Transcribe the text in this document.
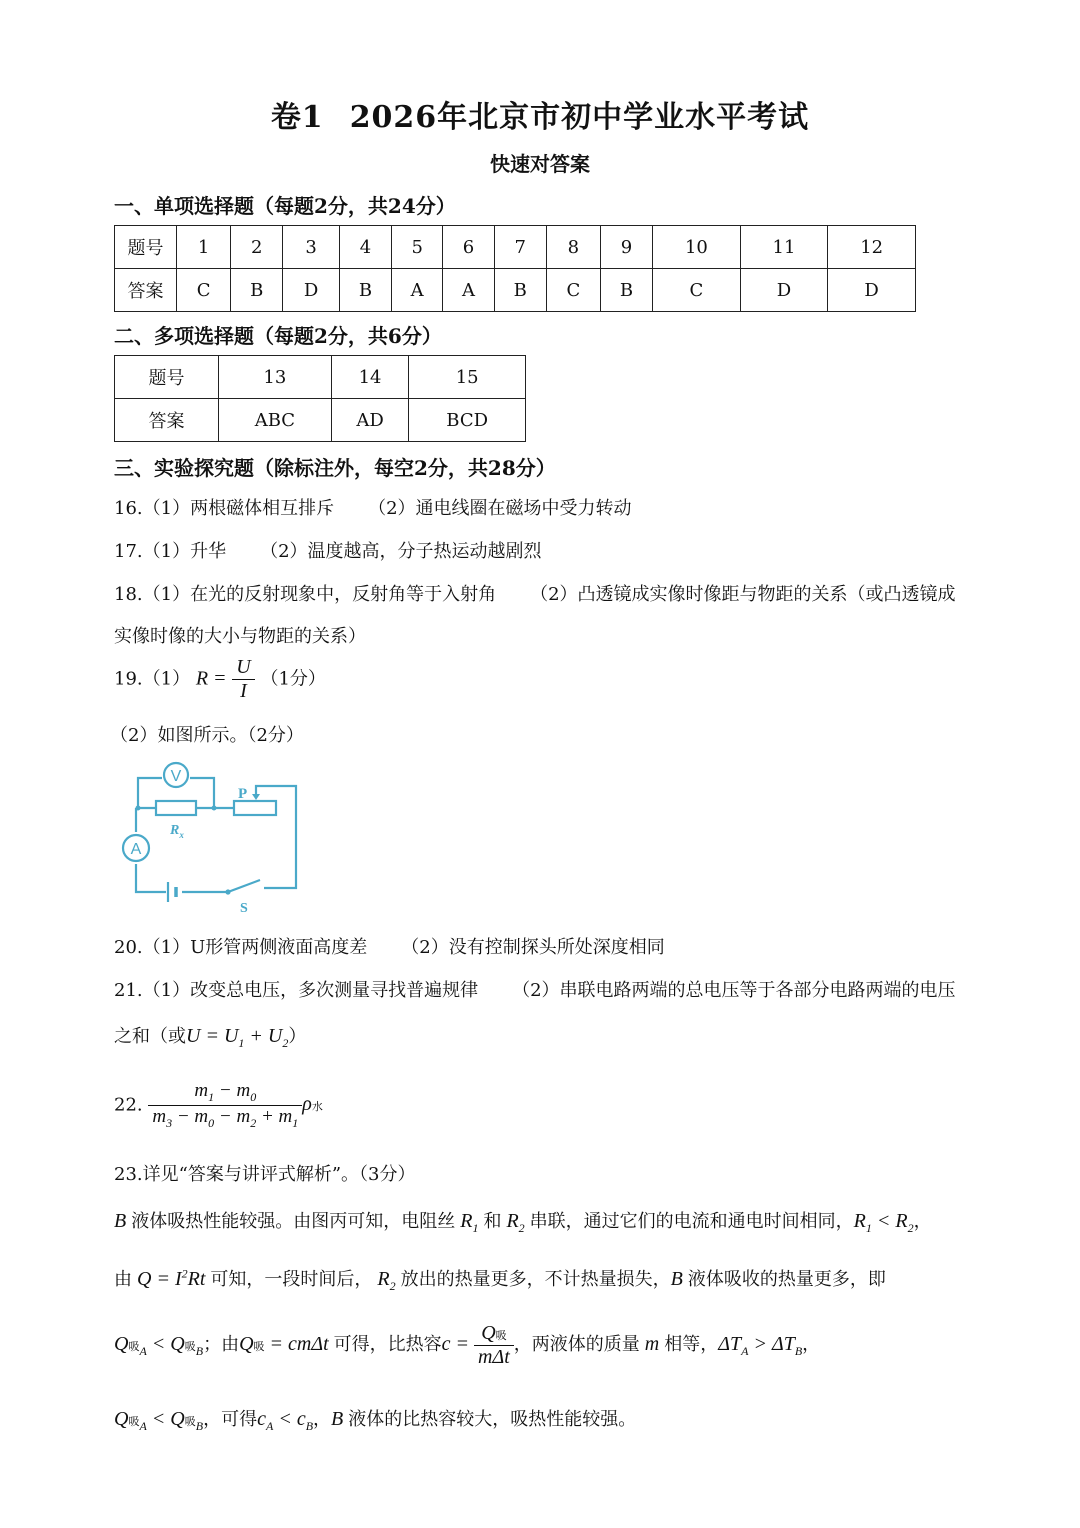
卷1 2026年北京市初中学业水平考试
快速对答案
一、单项选择题（每题2分，共24分）
题号	1	2	3	4	5	6	7	8	9	10	11	12
答案	C	B	D	B	A	A	B	C	B	C	D	D
二、多项选择题（每题2分，共6分）
题号	13	14	15
答案	ABC	AD	BCD
三、实验探究题（除标注外，每空2分，共28分）
16.（1）两根磁体相互排斥 （2）通电线圈在磁场中受力转动
17.（1）升华 （2）温度越高，分子热运动越剧烈
18.（1）在光的反射现象中，反射角等于入射角 （2）凸透镜成实像时像距与物距的关系（或凸透镜成
实像时像的大小与物距的关系）
19.（1） $R = \frac{U}{I} (1$分）
（2）如图所示。（2分）
V
A
P
$R_x$
S
20.（1）U形管两侧液面高度差 （2）没有控制探头所处深度相同
21.（1）改变总电压，多次测量寻找普遍规律 （2）串联电路两端的总电压等于各部分电路两端的电压
之和（或$U = U_1 + U_2$）
22. $\frac{m_1 - m_0}{m_3 - m_0 - m_2 + m_1}$ ρ水
23.详见“答案与讲评式解析”。（3分）
B 液体吸热性能较强。由图丙可知，电阻丝 $R_1$ 和 $R_2$ 串联，通过它们的电流和通电时间相同，$R_1 < R_2$，
由 $Q = I^2Rt$ 可知，一段时间后， $R_2$ 放出的热量更多，不计热量损失，B 液体吸收的热量更多，即
Q吸$_A$ < Q吸$_B$；由Q吸 = cmΔt 可得，比热容$c = \frac{\text{Q吸}}{\text{mΔt}}$ ，两液体的质量 m 相等，$\Delta T_A > \Delta T_B$，
Q吸$_A$ < Q吸$_B$，可得$c_A < c_B$，B 液体的比热容较大，吸热性能较强。
